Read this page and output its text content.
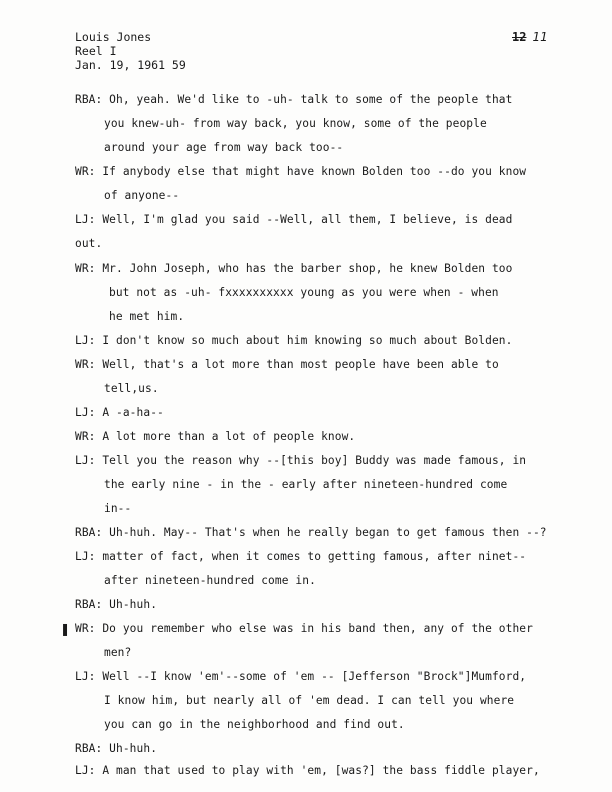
Louis Jones
Reel I
Jan. 19, 1961 59
12 11
RBA: Oh, yeah. We'd like to -uh- talk to some of the people that
you knew-uh- from way back, you know, some of the people
around your age from way back too--
WR: If anybody else that might have known Bolden too --do you know
of anyone--
LJ: Well, I'm glad you said --Well, all them, I believe, is dead
out.
WR: Mr. John Joseph, who has the barber shop, he knew Bolden too
but not as -uh- fxxxxxxxxxx young as you were when - when
he met him.
LJ: I don't know so much about him knowing so much about Bolden.
WR: Well, that's a lot more than most people have been able to
tell,us.
LJ: A -a-ha--
WR: A lot more than a lot of people know.
LJ: Tell you the reason why --[this boy] Buddy was made famous, in
the early nine - in the - early after nineteen-hundred come
in--
RBA: Uh-huh. May-- That's when he really began to get famous then --?
LJ: matter of fact, when it comes to getting famous, after ninet--
after nineteen-hundred come in.
RBA: Uh-huh.
WR: Do you remember who else was in his band then, any of the other
men?
LJ: Well --I know 'em'--some of 'em -- [Jefferson "Brock"]Mumford,
I know him, but nearly all of 'em dead. I can tell you where
you can go in the neighborhood and find out.
RBA: Uh-huh.
LJ: A man that used to play with 'em, [was?] the bass fiddle player,
❚
